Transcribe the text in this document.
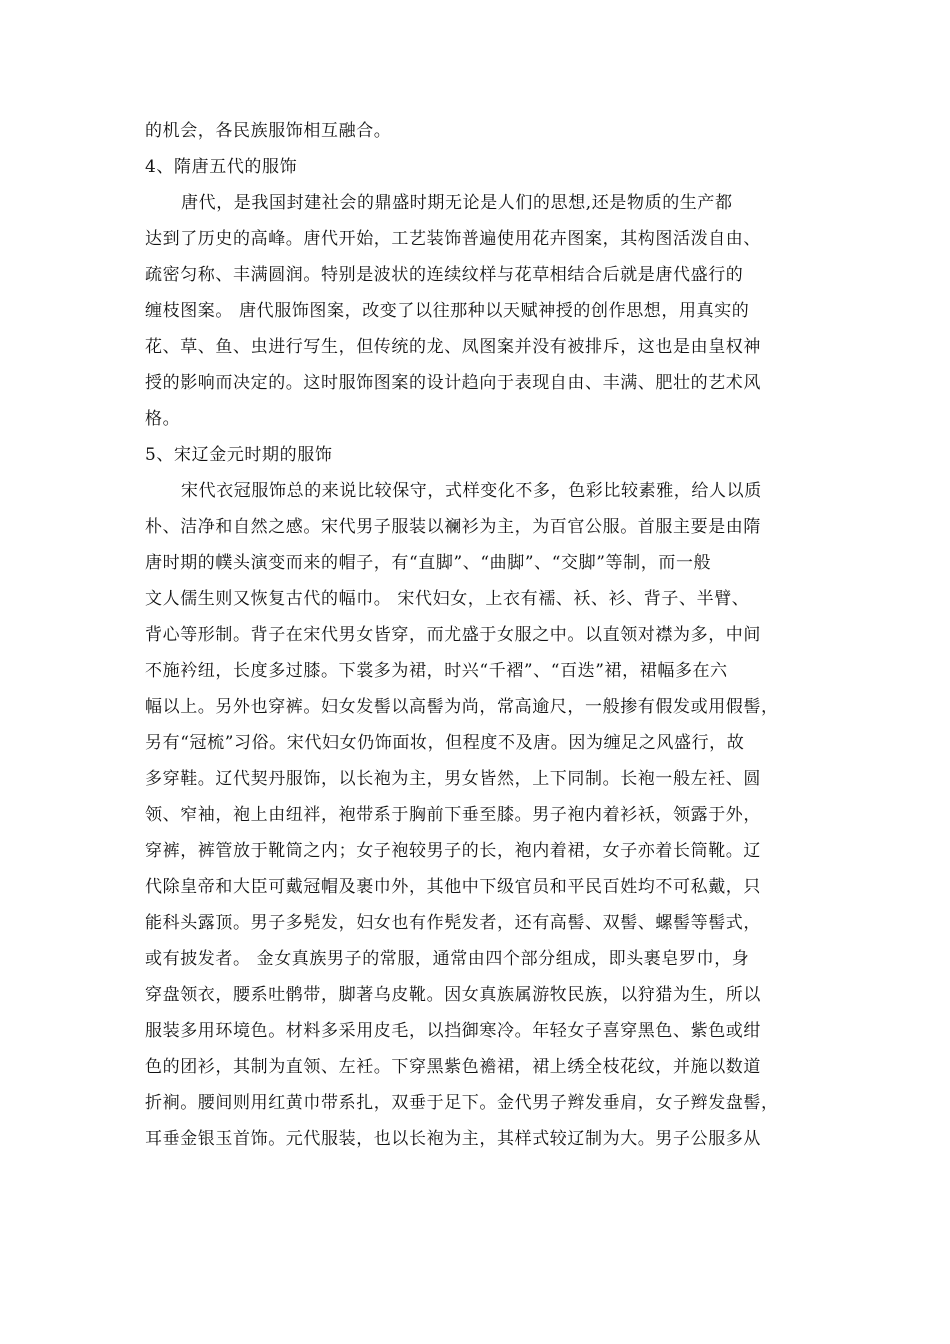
的机会，各民族服饰相互融合。
4、隋唐五代的服饰
唐代，是我国封建社会的鼎盛时期无论是人们的思想,还是物质的生产都
达到了历史的高峰。唐代开始，工艺装饰普遍使用花卉图案，其构图活泼自由、
疏密匀称、丰满圆润。特别是波状的连续纹样与花草相结合后就是唐代盛行的
缠枝图案。 唐代服饰图案，改变了以往那种以天赋神授的创作思想，用真实的
花、草、鱼、虫进行写生，但传统的龙、凤图案并没有被排斥，这也是由皇权神
授的影响而决定的。这时服饰图案的设计趋向于表现自由、丰满、肥壮的艺术风
格。
5、宋辽金元时期的服饰
宋代衣冠服饰总的来说比较保守，式样变化不多，色彩比较素雅，给人以质
朴、洁净和自然之感。宋代男子服装以襕衫为主，为百官公服。首服主要是由隋
唐时期的幞头演变而来的帽子，有“直脚”、“曲脚”、“交脚”等制，而一般
文人儒生则又恢复古代的幅巾。 宋代妇女，上衣有襦、袄、衫、背子、半臂、
背心等形制。背子在宋代男女皆穿，而尤盛于女服之中。以直领对襟为多，中间
不施衿纽，长度多过膝。下裳多为裙，时兴“千褶”、“百迭”裙，裙幅多在六
幅以上。另外也穿裤。妇女发髻以高髻为尚，常高逾尺，一般掺有假发或用假髻，
另有“冠梳”习俗。宋代妇女仍饰面妆，但程度不及唐。因为缠足之风盛行，故
多穿鞋。辽代契丹服饰，以长袍为主，男女皆然，上下同制。长袍一般左衽、圆
领、窄袖，袍上由纽袢，袍带系于胸前下垂至膝。男子袍内着衫袄，领露于外，
穿裤，裤管放于靴筒之内；女子袍较男子的长，袍内着裙，女子亦着长筒靴。辽
代除皇帝和大臣可戴冠帽及裹巾外，其他中下级官员和平民百姓均不可私戴，只
能科头露顶。男子多髡发，妇女也有作髡发者，还有高髻、双髻、螺髻等髻式，
或有披发者。 金女真族男子的常服，通常由四个部分组成，即头裹皂罗巾，身
穿盘领衣，腰系吐鹘带，脚著乌皮靴。因女真族属游牧民族，以狩猎为生，所以
服装多用环境色。材料多采用皮毛，以挡御寒冷。年轻女子喜穿黑色、紫色或绀
色的团衫，其制为直领、左衽。下穿黑紫色襜裙，裙上绣全枝花纹，并施以数道
折裥。腰间则用红黄巾带系扎，双垂于足下。金代男子辫发垂肩，女子辫发盘髻，
耳垂金银玉首饰。元代服装，也以长袍为主，其样式较辽制为大。男子公服多从
